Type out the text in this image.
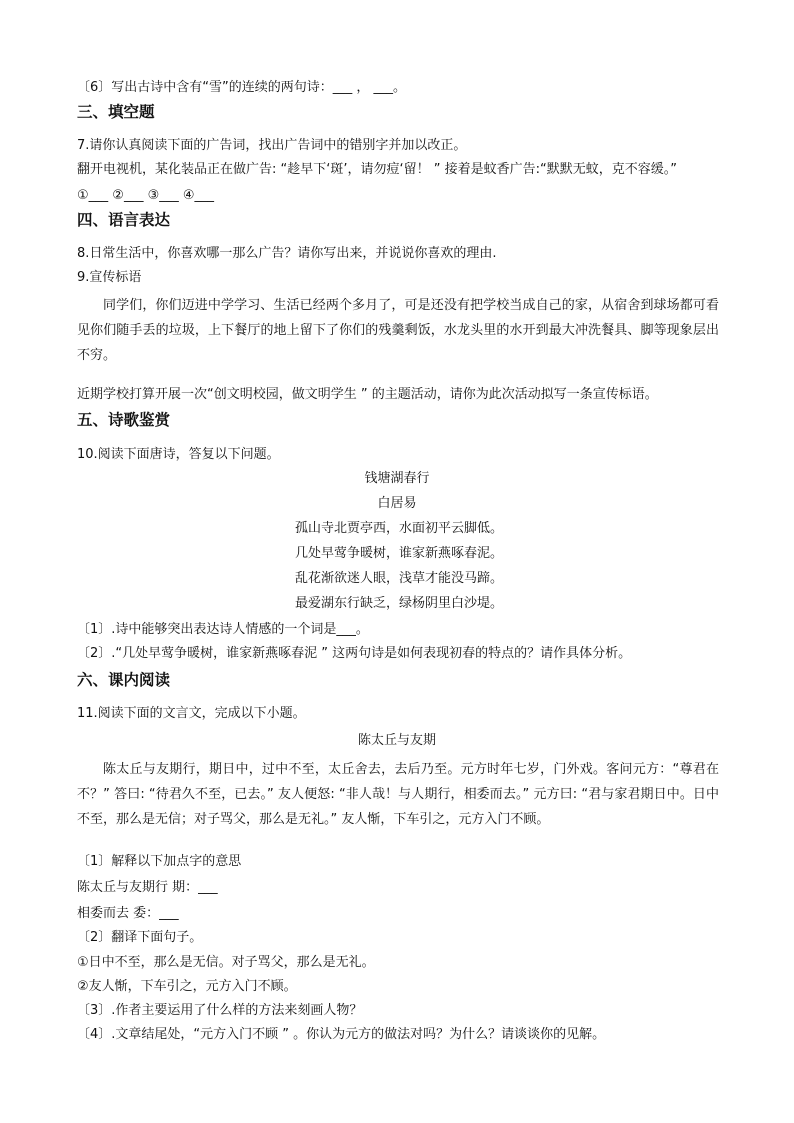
〔6〕写出古诗中含有“雪”的连续的两句诗：___ ， ___。
三、填空题
7.请你认真阅读下面的广告词，找出广告词中的错别字并加以改正。
翻开电视机，某化装品正在做广告: “趁早下‘斑’，请勿痘‘留！ ” 接着是蚊香广告:“默默无蚊，克不容缓。”
①___ ②___ ③___ ④___
四、语言表达
8.日常生活中，你喜欢哪一那么广告？请你写出来，并说说你喜欢的理由.
9.宣传标语
同学们，你们迈进中学学习、生活已经两个多月了，可是还没有把学校当成自己的家，从宿舍到球场都可看见你们随手丢的垃圾，上下餐厅的地上留下了你们的残羹剩饭，水龙头里的水开到最大冲洗餐具、脚等现象层出不穷。
近期学校打算开展一次“创文明校园，做文明学生 ” 的主题活动，请你为此次活动拟写一条宣传标语。
五、诗歌鉴赏
10.阅读下面唐诗，答复以下问题。
钱塘湖春行
白居易
孤山寺北贾亭西，水面初平云脚低。
几处早莺争暖树，谁家新燕啄春泥。
乱花渐欲迷人眼，浅草才能没马蹄。
最爱湖东行缺乏，绿杨阴里白沙堤。
〔1〕.诗中能够突出表达诗人情感的一个词是___。
〔2〕.“几处早莺争暖树，谁家新燕啄春泥 ” 这两句诗是如何表现初春的特点的？请作具体分析。
六、课内阅读
11.阅读下面的文言文，完成以下小题。
陈太丘与友期
陈太丘与友期行，期日中，过中不至，太丘舍去，去后乃至。元方时年七岁，门外戏。客问元方：“尊君在不？” 答曰: “待君久不至，已去。” 友人便怒: “非人哉！与人期行，相委而去。” 元方曰: “君与家君期日中。日中不至，那么是无信；对子骂父，那么是无礼。” 友人惭，下车引之，元方入门不顾。
〔1〕解释以下加点字的意思
陈太丘与友期行 期：___
相委而去 委：___
〔2〕翻译下面句子。
①日中不至，那么是无信。对子骂父，那么是无礼。
②友人惭，下车引之，元方入门不顾。
〔3〕.作者主要运用了什么样的方法来刻画人物？
〔4〕.文章结尾处，“元方入门不顾 ” 。你认为元方的做法对吗？为什么？请谈谈你的见解。
